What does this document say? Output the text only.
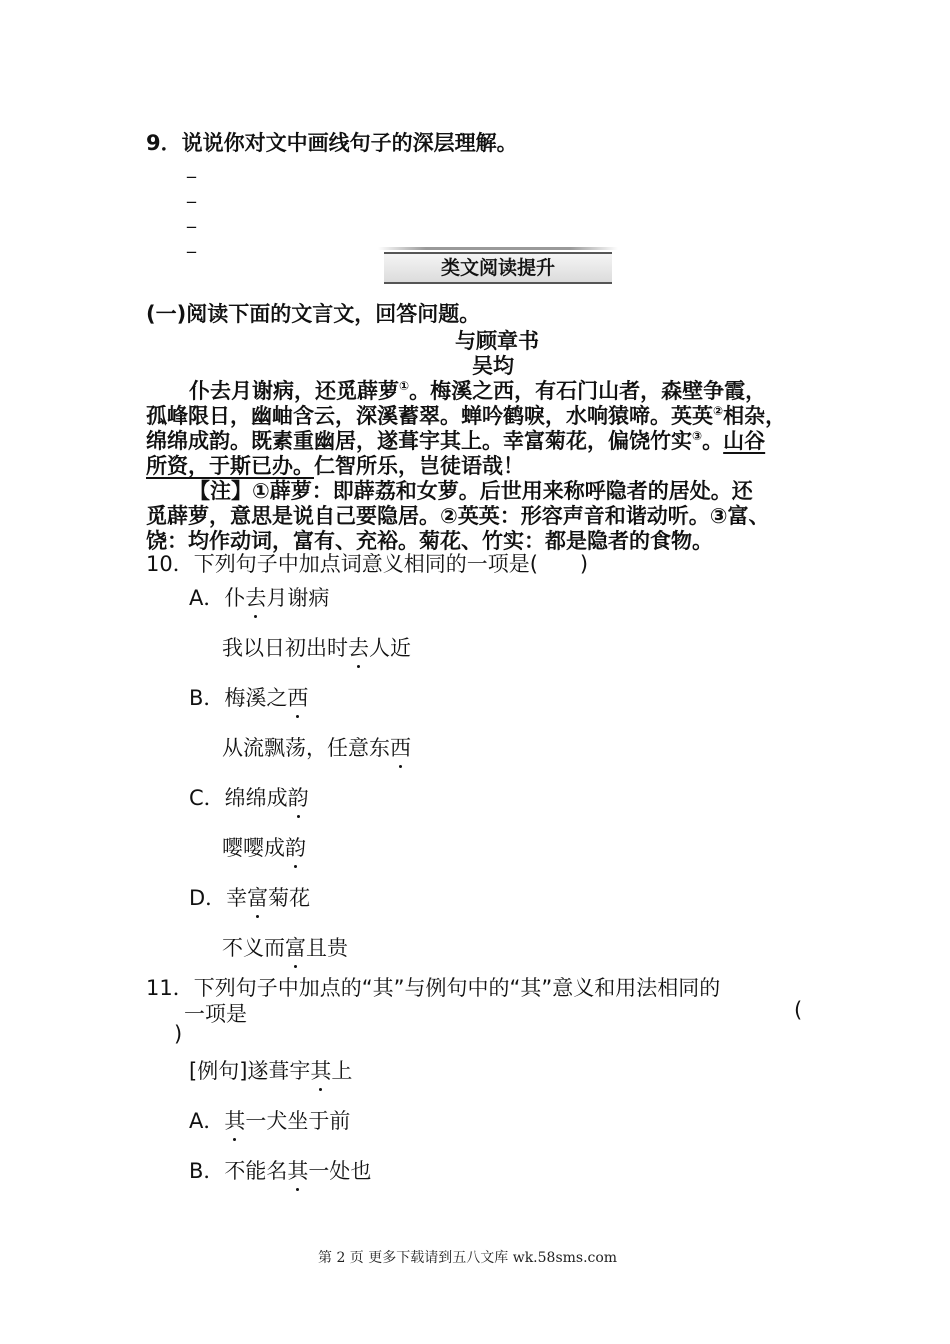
9．说说你对文中画线句子的深层理解。
_
_
_
_
类文阅读提升
(一)阅读下面的文言文，回答问题。
与顾章书
吴均
仆去月谢病，还觅薜萝①。梅溪之西，有石门山者，森壁争霞，
孤峰限日，幽岫含云，深溪蓄翠。蝉吟鹤唳，水响猿啼。英英②相杂，
绵绵成韵。既素重幽居，遂葺宇其上。幸富菊花，偏饶竹实③。山谷
所资，于斯已办。仁智所乐，岂徒语哉！
【注】①薜萝：即薜荔和女萝。后世用来称呼隐者的居处。还
觅薜萝，意思是说自己要隐居。②英英：形容声音和谐动听。③富、
饶：均作动词，富有、充裕。菊花、竹实：都是隐者的食物。
10．下列句子中加点词意义相同的一项是(　　)
A．仆去月谢病
我以日初出时去人近
B．梅溪之西
从流飘荡，任意东西
C．绵绵成韵
嘤嘤成韵
D．幸富菊花
不义而富且贵
11．下列句子中加点的“其”与例句中的“其”意义和用法相同的
一项是	(
)
[例句]遂葺宇其上
A．其一犬坐于前
B．不能名其一处也
第 2 页 更多下载请到五八文库 wk.58sms.com
